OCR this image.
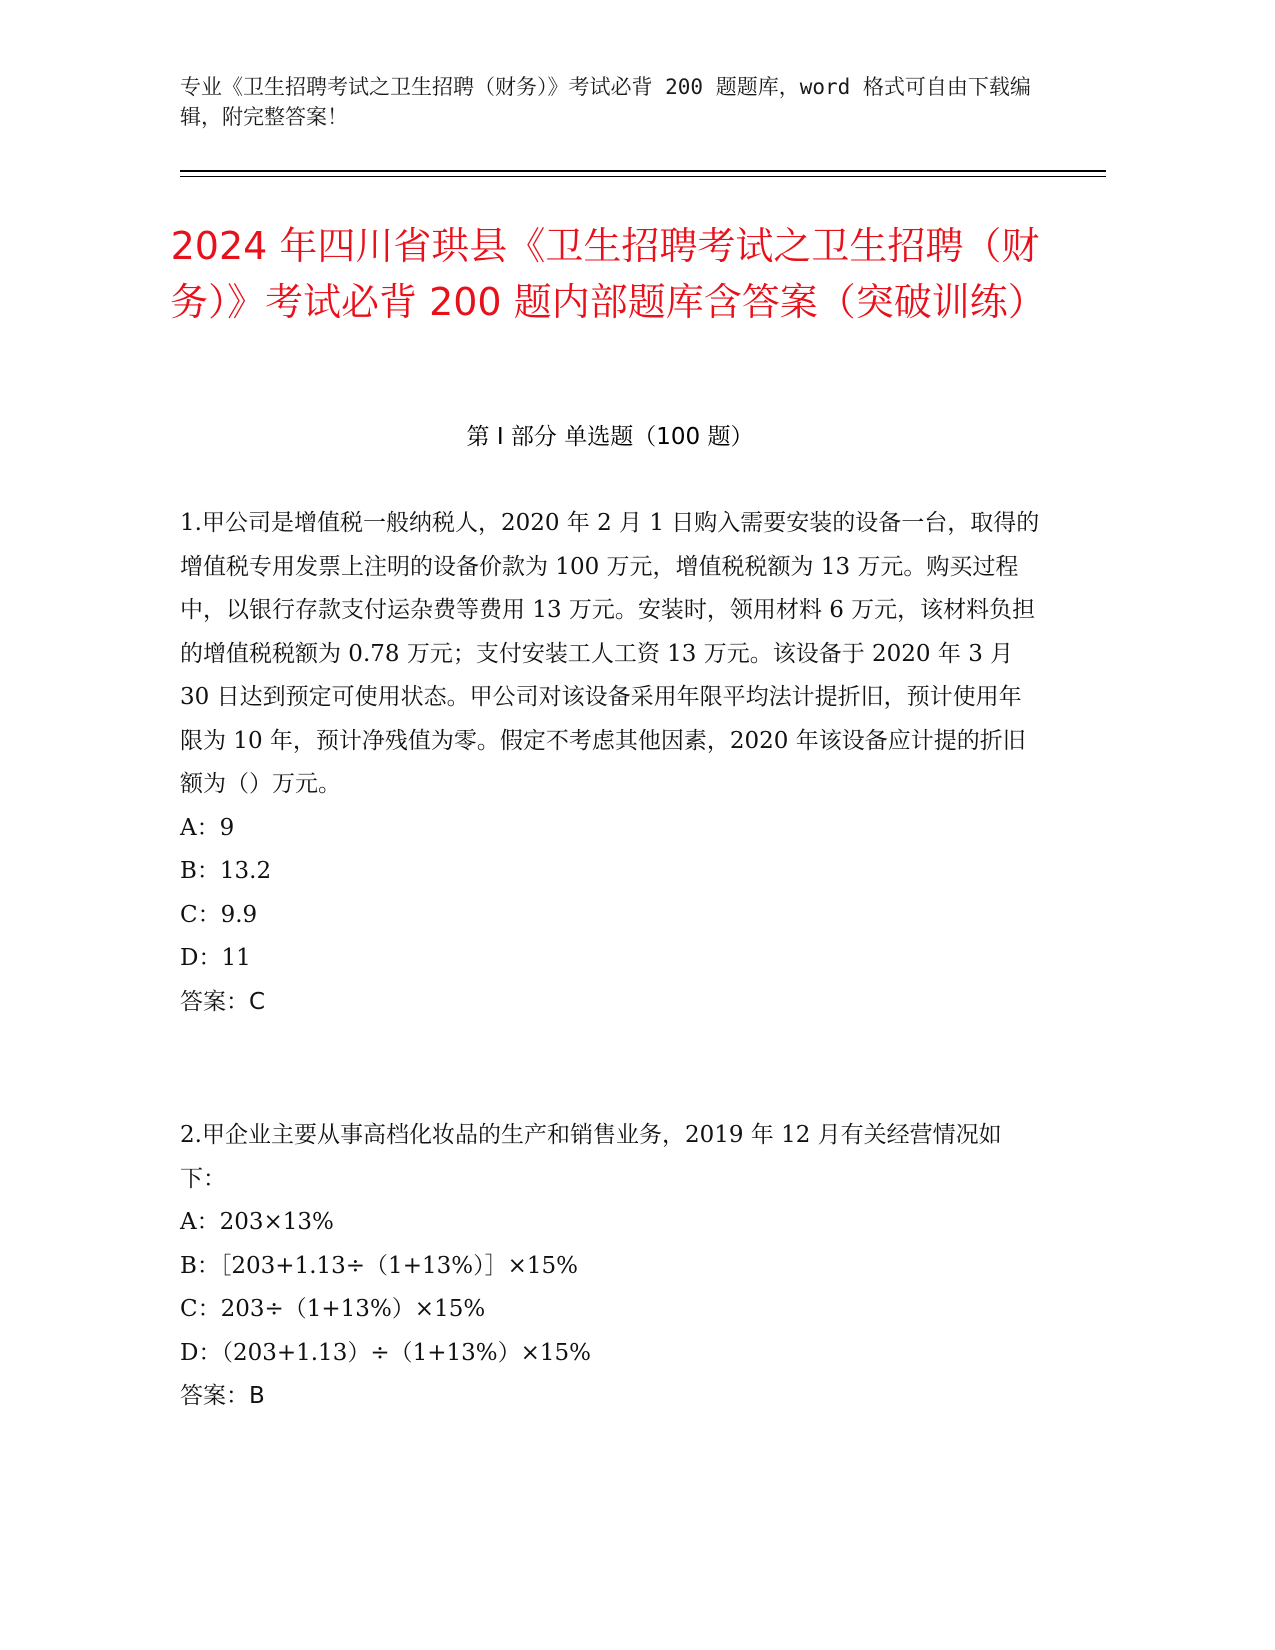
专业《卫生招聘考试之卫生招聘（财务）》考试必背 200 题题库，word 格式可自由下载编辑，附完整答案！
2024 年四川省珙县《卫生招聘考试之卫生招聘（财务）》考试必背 200 题内部题库含答案（突破训练）
第 I 部分 单选题（100 题）

1.甲公司是增值税一般纳税人，2020 年 2 月 1 日购入需要安装的设备一台，取得的增值税专用发票上注明的设备价款为 100 万元，增值税税额为 13 万元。购买过程中，以银行存款支付运杂费等费用 13 万元。安装时，领用材料 6 万元，该材料负担的增值税税额为 0.78 万元；支付安装工人工资 13 万元。该设备于 2020 年 3 月 30 日达到预定可使用状态。甲公司对该设备采用年限平均法计提折旧，预计使用年限为 10 年，预计净残值为零。假定不考虑其他因素，2020 年该设备应计提的折旧额为（）万元。

A：9

B：13.2

C：9.9

D：11

答案：C

2.甲企业主要从事高档化妆品的生产和销售业务，2019 年 12 月有关经营情况如下：

A：203×13%

B：［203+1.13÷（1+13%）］×15%

C：203÷（1+13%）×15%

D：（203+1.13）÷（1+13%）×15%

答案：B
